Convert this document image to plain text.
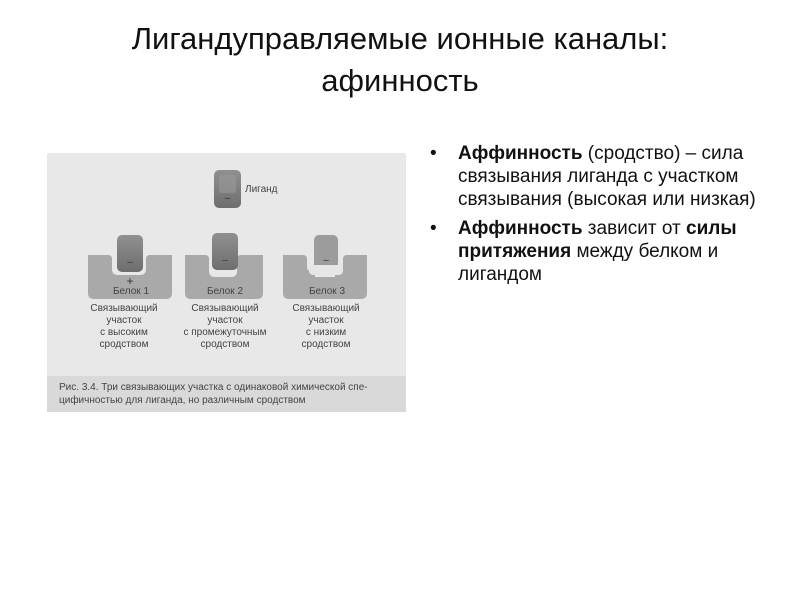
Лигандуправляемые ионные каналы:
афинность
Лиганд
–
–
+
Белок 1
–
Белок 2
–
Белок 3
Связывающий
участок
с высоким
сродством
Связывающий
участок
с промежуточным
сродством
Связывающий
участок
с низким
сродством
Рис. 3.4. Три связывающих участка с одинаковой химической спе-
цифичностью для лиганда, но различным сродством
• Аффинность (сродство) – сила связывания лиганда с участком связывания (высокая или низкая)
• Аффинность зависит от силы притяжения между белком и лигандом
